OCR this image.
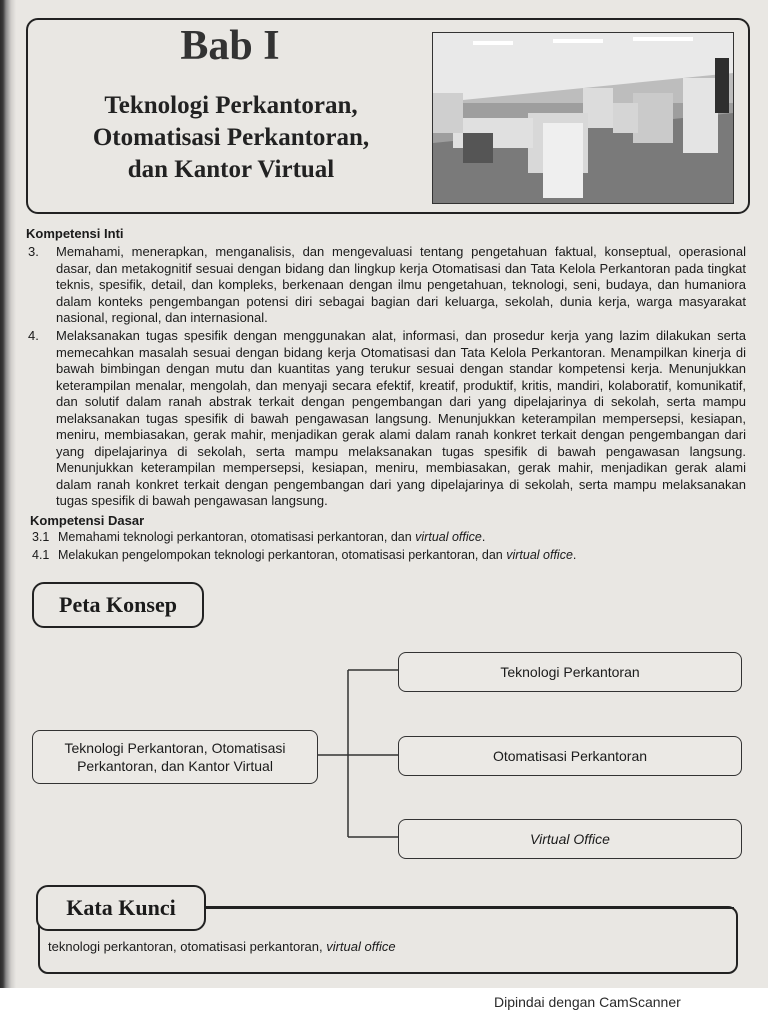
Bab I
Teknologi Perkantoran,
Otomatisasi Perkantoran,
dan Kantor Virtual
Kompetensi Inti
3. Memahami, menerapkan, menganalisis, dan mengevaluasi tentang pengetahuan faktual, konseptual, operasional dasar, dan metakognitif sesuai dengan bidang dan lingkup kerja Otomatisasi dan Tata Kelola Perkantoran pada tingkat teknis, spesifik, detail, dan kompleks, berkenaan dengan ilmu pengetahuan, teknologi, seni, budaya, dan humaniora dalam konteks pengembangan potensi diri sebagai bagian dari keluarga, sekolah, dunia kerja, warga masyarakat nasional, regional, dan internasional.
4. Melaksanakan tugas spesifik dengan menggunakan alat, informasi, dan prosedur kerja yang lazim dilakukan serta memecahkan masalah sesuai dengan bidang kerja Otomatisasi dan Tata Kelola Perkantoran. Menampilkan kinerja di bawah bimbingan dengan mutu dan kuantitas yang terukur sesuai dengan standar kompetensi kerja. Menunjukkan keterampilan menalar, mengolah, dan menyaji secara efektif, kreatif, produktif, kritis, mandiri, kolaboratif, komunikatif, dan solutif dalam ranah abstrak terkait dengan pengembangan dari yang dipelajarinya di sekolah, serta mampu melaksanakan tugas spesifik di bawah pengawasan langsung. Menunjukkan keterampilan mempersepsi, kesiapan, meniru, membiasakan, gerak mahir, menjadikan gerak alami dalam ranah konkret terkait dengan pengembangan dari yang dipelajarinya di sekolah, serta mampu melaksanakan tugas spesifik di bawah pengawasan langsung. Menunjukkan keterampilan mempersepsi, kesiapan, meniru, membiasakan, gerak mahir, menjadikan gerak alami dalam ranah konkret terkait dengan pengembangan dari yang dipelajarinya di sekolah, serta mampu melaksanakan tugas spesifik di bawah pengawasan langsung.
Kompetensi Dasar
3.1 Memahami teknologi perkantoran, otomatisasi perkantoran, dan virtual office.
4.1 Melakukan pengelompokan teknologi perkantoran, otomatisasi perkantoran, dan virtual office.
Peta Konsep
Teknologi Perkantoran, Otomatisasi
Perkantoran, dan Kantor Virtual
Teknologi Perkantoran
Otomatisasi Perkantoran
Virtual Office
Kata Kunci
teknologi perkantoran, otomatisasi perkantoran, virtual office
Dipindai dengan CamScanner
